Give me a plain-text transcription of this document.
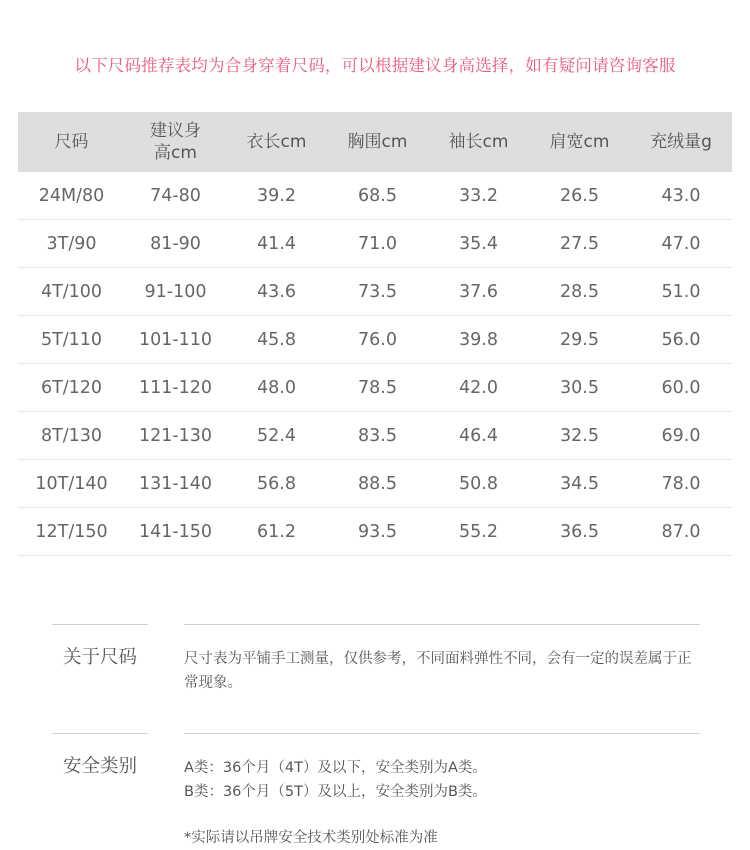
以下尺码推荐表均为合身穿着尺码，可以根据建议身高选择，如有疑问请咨询客服
尺码	建议身高cm	衣长cm	胸围cm	袖长cm	肩宽cm	充绒量g
24M/80	74-80	39.2	68.5	33.2	26.5	43.0
3T/90	81-90	41.4	71.0	35.4	27.5	47.0
4T/100	91-100	43.6	73.5	37.6	28.5	51.0
5T/110	101-110	45.8	76.0	39.8	29.5	56.0
6T/120	111-120	48.0	78.5	42.0	30.5	60.0
8T/130	121-130	52.4	83.5	46.4	32.5	69.0
10T/140	131-140	56.8	88.5	50.8	34.5	78.0
12T/150	141-150	61.2	93.5	55.2	36.5	87.0
关于尺码	尺寸表为平铺手工测量，仅供参考，不同面料弹性不同，会有一定的误差属于正常现象。

安全类别	A类：36个月（4T）及以下，安全类别为A类。

B类：36个月（5T）及以上，安全类别为B类。

*实际请以吊牌安全技术类别处标准为准
